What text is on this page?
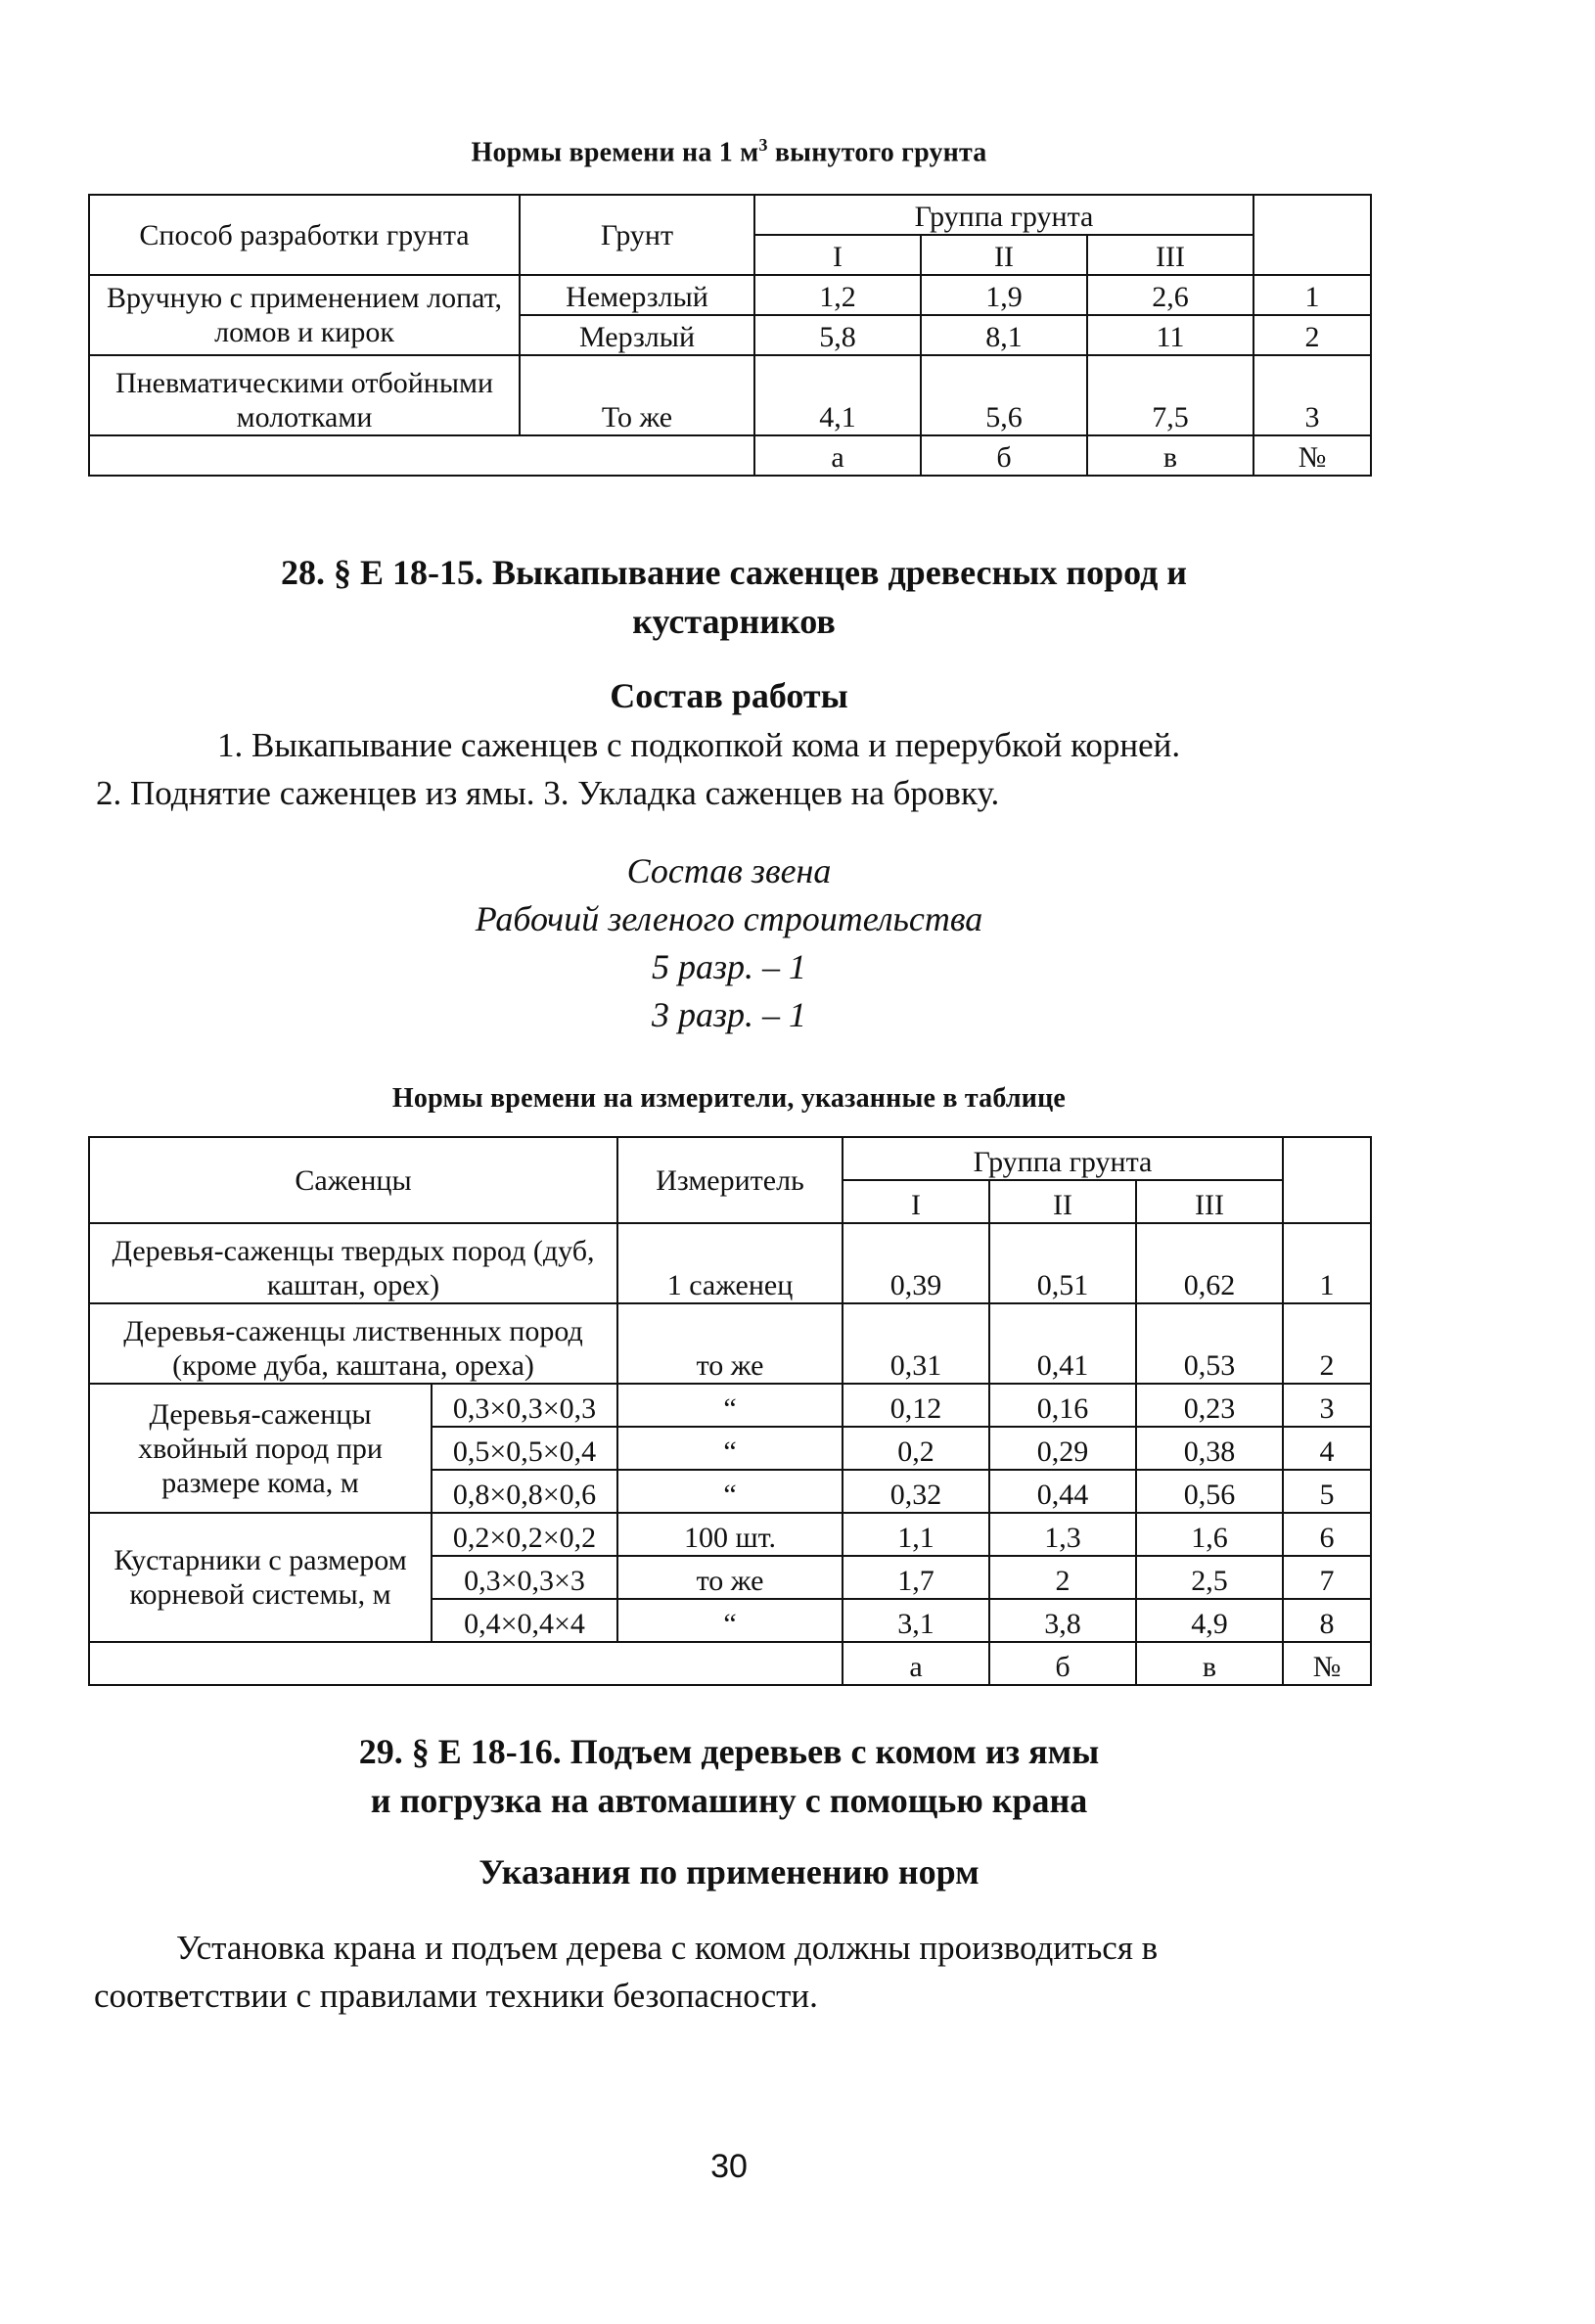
Нормы времени на 1 $м^3$ вынутого грунта
Способ разработки грунта	Грунт	Группа грунта			
		I	II	III	
Вручную с применением лопат, ломов и кирок	Немерзлый	1,2	1,9	2,6	1
	Мерзлый	5,8	8,1	11	2
Пневматическими отбойными молотками	То же	4,1	5,6	7,5	3
		а	б	в	№
28. § Е 18-15. Выкапывание саженцев древесных пород и кустарников
Состав работы
1. Выкапывание саженцев с подкопкой кома и перерубкой корней.
2. Поднятие саженцев из ямы. 3. Укладка саженцев на бровку.
Состав звена
Рабочий зеленого строительства
5 разр. – 1
3 разр. – 1
Нормы времени на измерители, указанные в таблице
Саженцы		Измеритель	Группа грунта			
			I	II	III	
Деревья-саженцы твердых пород (дуб, каштан, орех)		1 саженец	0,39	0,51	0,62	1
Деревья-саженцы лиственных пород (кроме дуба, каштана, ореха)		то же	0,31	0,41	0,53	2
Деревья-саженцы хвойный пород при размере кома, м	0,3×0,3×0,3	“	0,12	0,16	0,23	3
	0,5×0,5×0,4	“	0,2	0,29	0,38	4
	0,8×0,8×0,6	“	0,32	0,44	0,56	5
Кустарники с размером корневой системы, м	0,2×0,2×0,2	100 шт.	1,1	1,3	1,6	6
	0,3×0,3×3	то же	1,7	2	2,5	7
	0,4×0,4×4	“	3,1	3,8	4,9	8
			а	б	в	№
29. § Е 18-16. Подъем деревьев с комом из ямы
и погрузка на автомашину с помощью крана
Указания по применению норм
Установка крана и подъем дерева с комом должны производиться в
соответствии с правилами техники безопасности.
30
